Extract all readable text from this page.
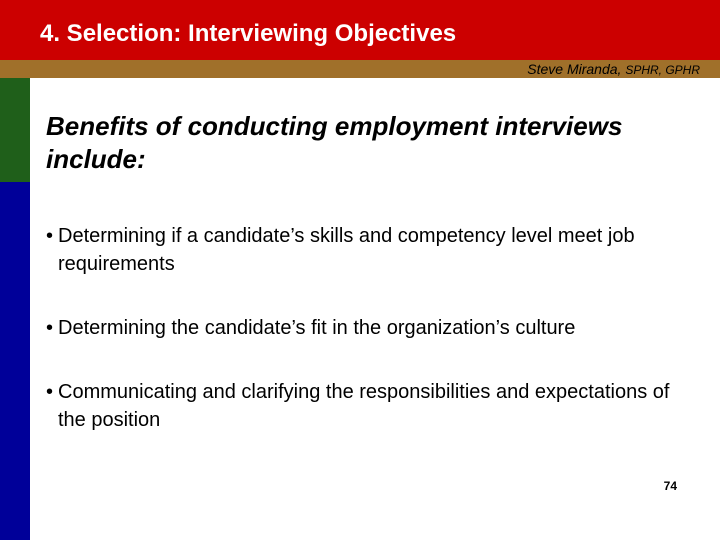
4. Selection: Interviewing Objectives
Steve Miranda, SPHR, GPHR
Benefits of conducting employment interviews include:
• Determining if a candidate’s skills and competency level meet job requirements
• Determining the candidate’s fit in the organization’s culture
• Communicating and clarifying the responsibilities and expectations of the position
74
